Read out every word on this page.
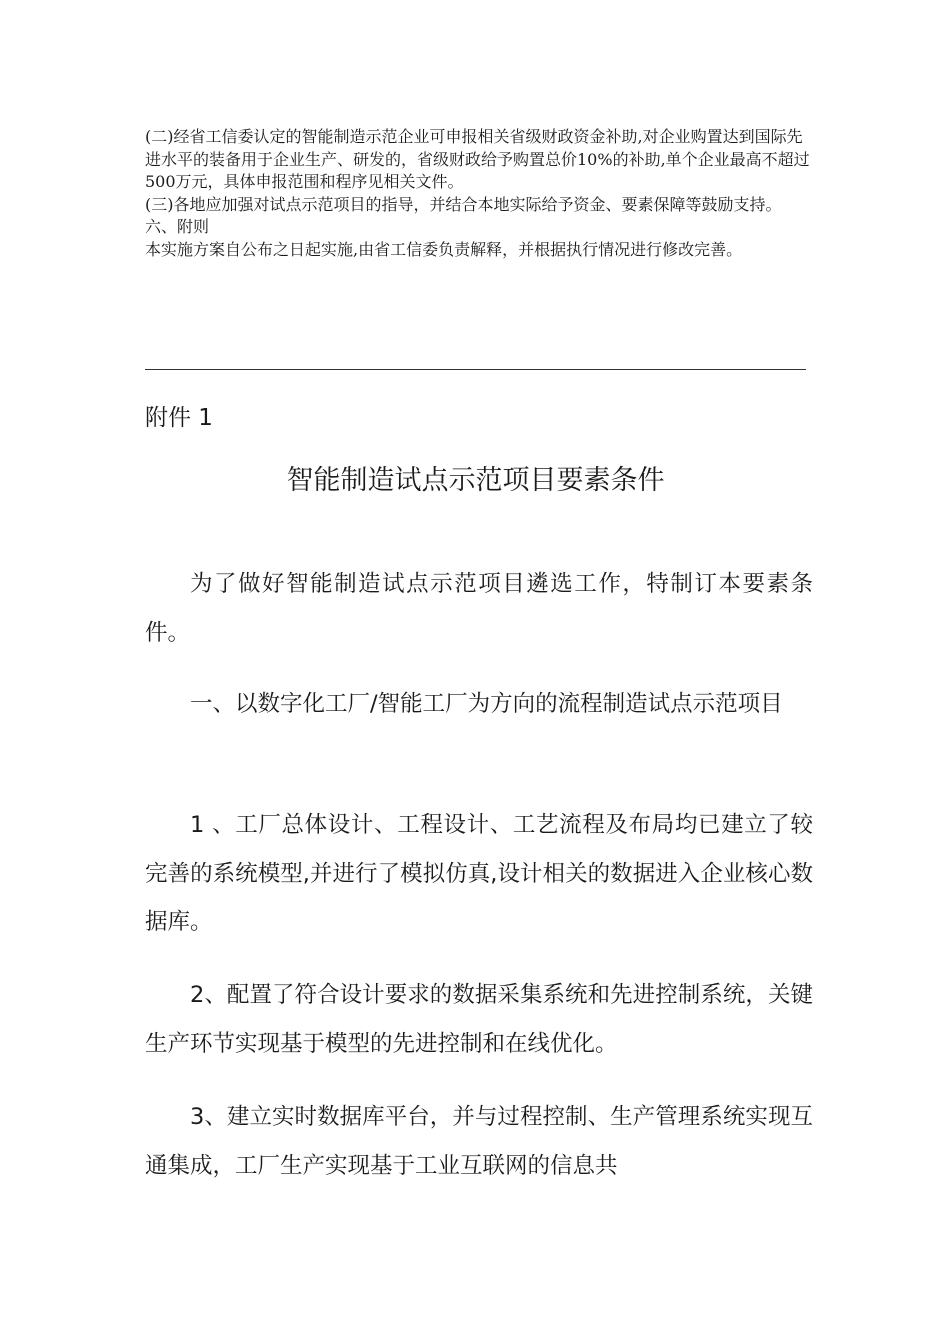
(二)经省工信委认定的智能制造示范企业可申报相关省级财政资金补助,对企业购置达到国际先进水平的装备用于企业生产、研发的，省级财政给予购置总价10%的补助,单个企业最高不超过500万元，具体申报范围和程序见相关文件。

(三)各地应加强对试点示范项目的指导，并结合本地实际给予资金、要素保障等鼓励支持。

六、附则

本实施方案自公布之日起实施,由省工信委负责解释，并根据执行情况进行修改完善。

附件 1
智能制造试点示范项目要素条件

为了做好智能制造试点示范项目遴选工作，特制订本要素条件。

一、以数字化工厂/智能工厂为方向的流程制造试点示范项目

1 、工厂总体设计、工程设计、工艺流程及布局均已建立了较完善的系统模型,并进行了模拟仿真,设计相关的数据进入企业核心数据库。

2、配置了符合设计要求的数据采集系统和先进控制系统，关键生产环节实现基于模型的先进控制和在线优化。

3、建立实时数据库平台，并与过程控制、生产管理系统实现互通集成，工厂生产实现基于工业互联网的信息共
